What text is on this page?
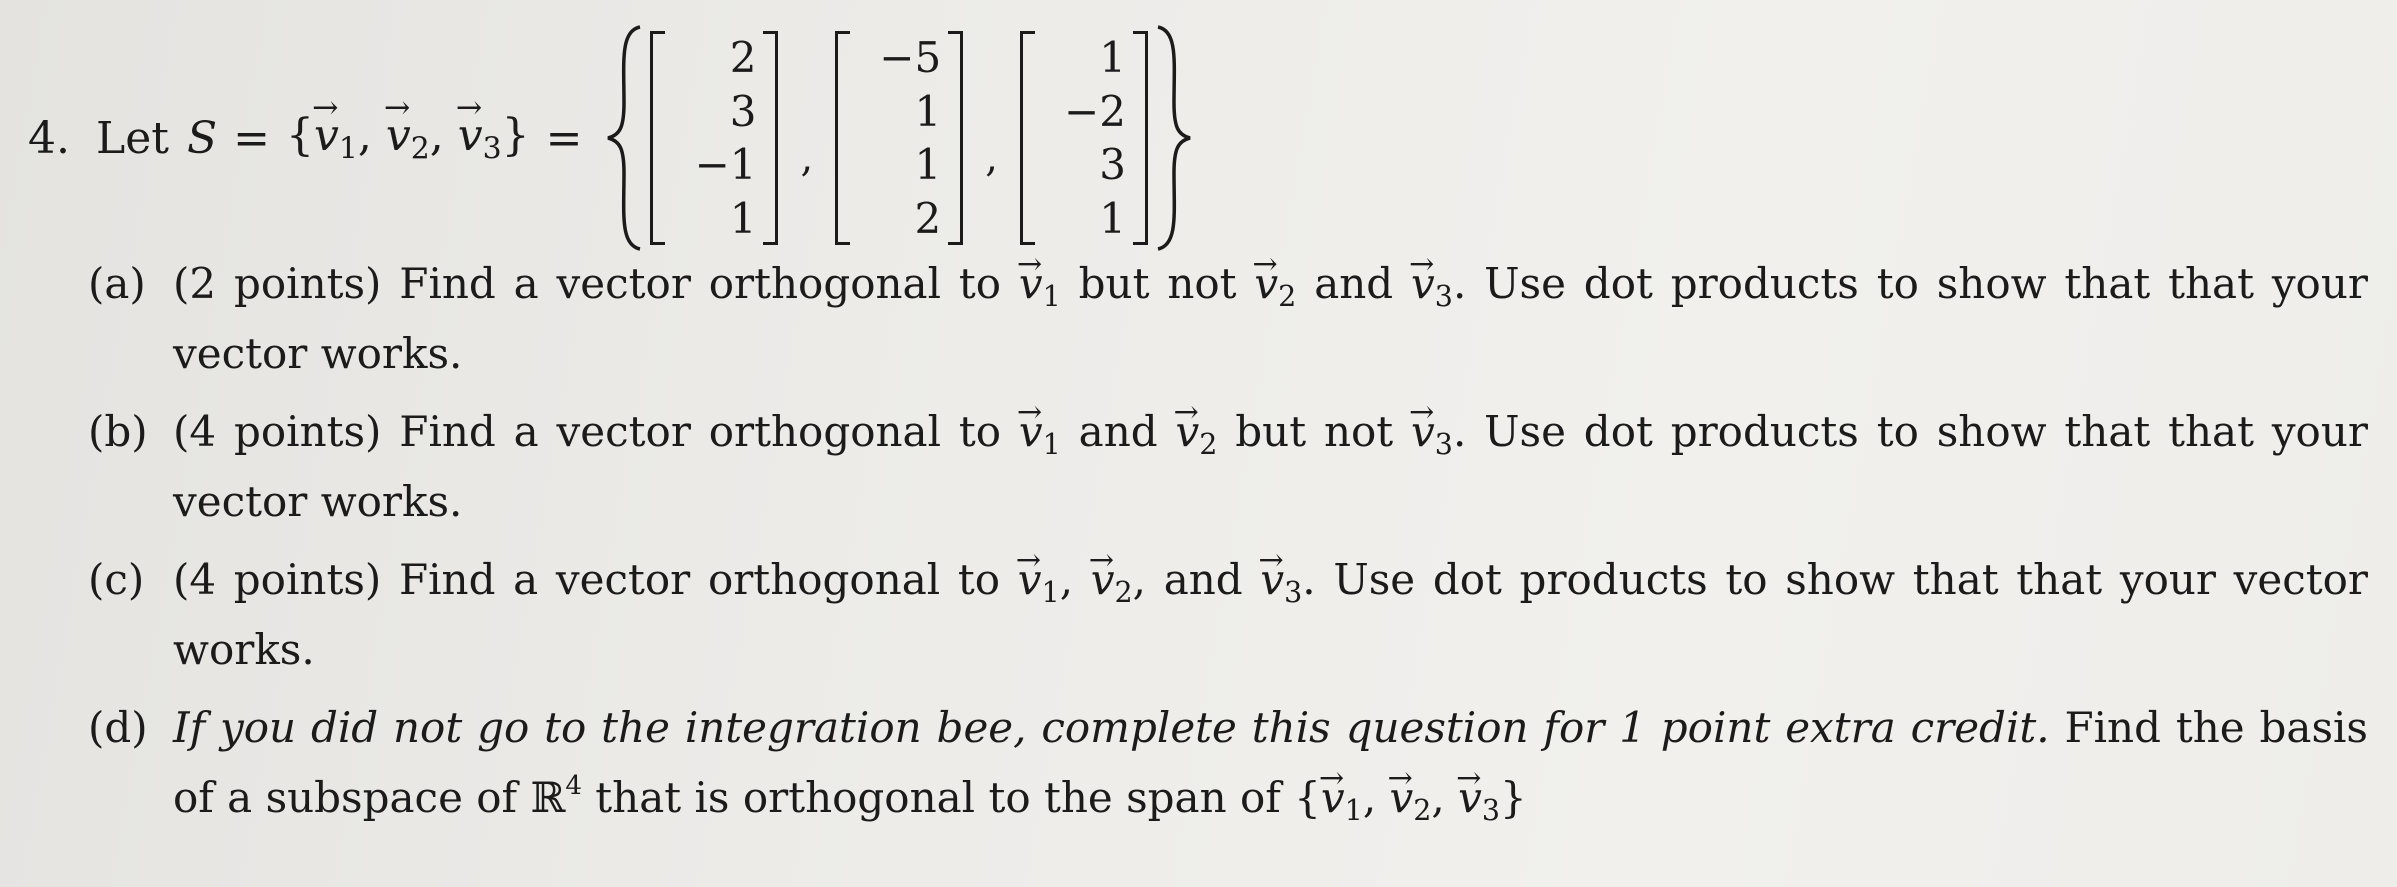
4. Let S = {→ $v_1$, → $v_2$, → $v_3$} =
2
3
−1
1
,
−5
1
1
2
,
1
−2
3
1
(a) (2 points) Find a vector orthogonal to → $v_1$ but not → $v_2$ and → $v_3$. Use dot products to show that that your vector works.
(b) (4 points) Find a vector orthogonal to → $v_1$ and → $v_2$ but not → $v_3$. Use dot products to show that that your vector works.
(c) (4 points) Find a vector orthogonal to → $v_1$, → $v_2$, and → $v_3$. Use dot products to show that that your vector works.
(d) If you did not go to the integration bee, complete this question for 1 point extra credit. Find the basis of a subspace of ℝ$^4$ that is orthogonal to the span of {→ $v_1$, → $v_2$, → $v_3$}
